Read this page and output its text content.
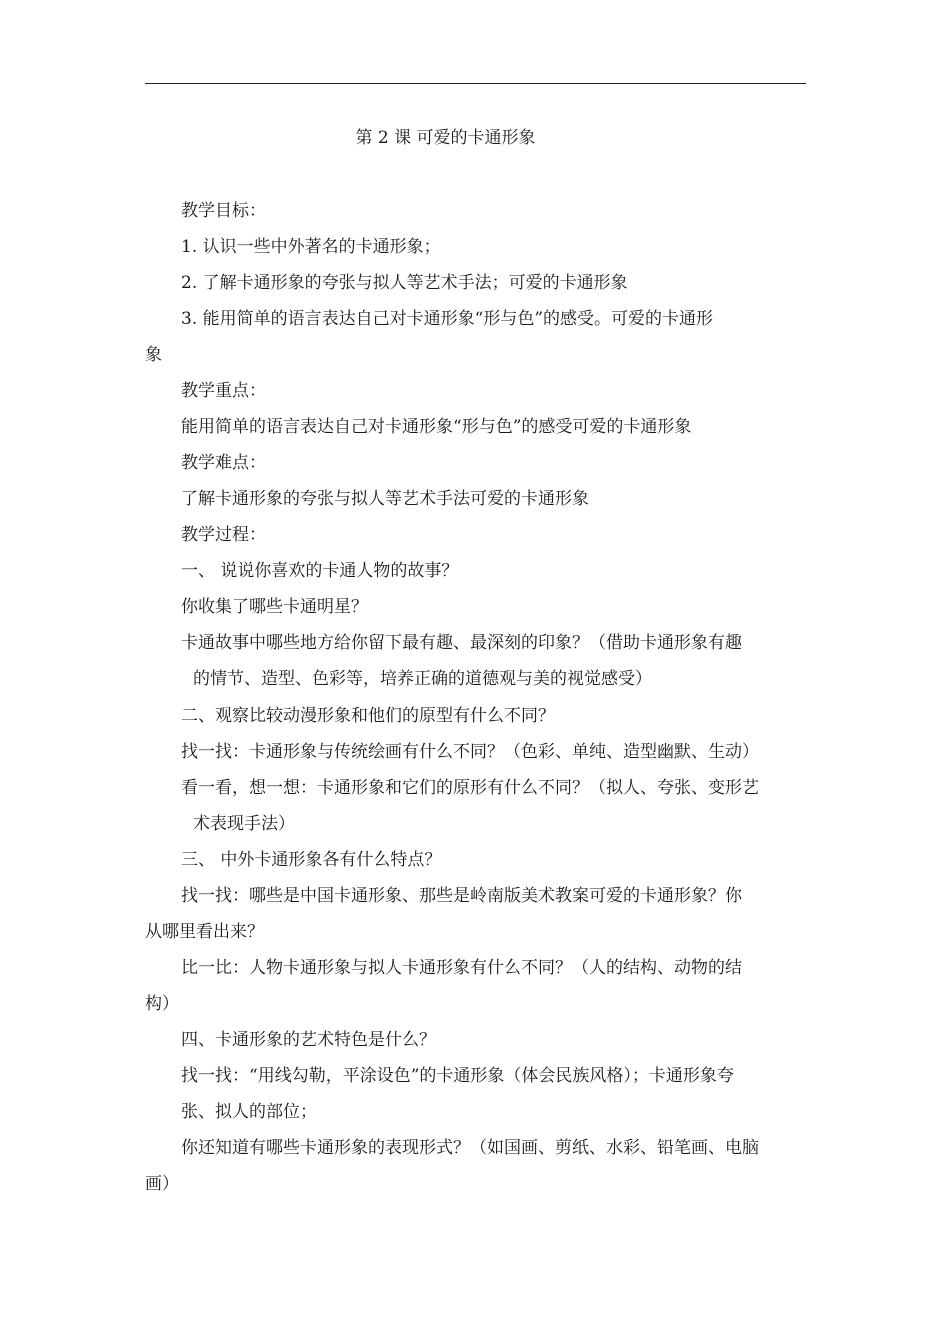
第 2 课 可爱的卡通形象
教学目标：
1. 认识一些中外著名的卡通形象；
2. 了解卡通形象的夸张与拟人等艺术手法；可爱的卡通形象
3. 能用简单的语言表达自己对卡通形象“形与色”的感受。可爱的卡通形
象
教学重点：
能用简单的语言表达自己对卡通形象“形与色”的感受可爱的卡通形象
教学难点：
了解卡通形象的夸张与拟人等艺术手法可爱的卡通形象
教学过程：
一、 说说你喜欢的卡通人物的故事？
你收集了哪些卡通明星？
卡通故事中哪些地方给你留下最有趣、最深刻的印象？（借助卡通形象有趣
的情节、造型、色彩等，培养正确的道德观与美的视觉感受）
二、观察比较动漫形象和他们的原型有什么不同？
找一找：卡通形象与传统绘画有什么不同？（色彩、单纯、造型幽默、生动）
看一看，想一想：卡通形象和它们的原形有什么不同？（拟人、夸张、变形艺
术表现手法）
三、 中外卡通形象各有什么特点？
找一找：哪些是中国卡通形象、那些是岭南版美术教案可爱的卡通形象？你
从哪里看出来？
比一比：人物卡通形象与拟人卡通形象有什么不同？（人的结构、动物的结
构）
四、卡通形象的艺术特色是什么？
找一找：“用线勾勒，平涂设色”的卡通形象（体会民族风格）；卡通形象夸
张、拟人的部位；
你还知道有哪些卡通形象的表现形式？（如国画、剪纸、水彩、铅笔画、电脑
画）
